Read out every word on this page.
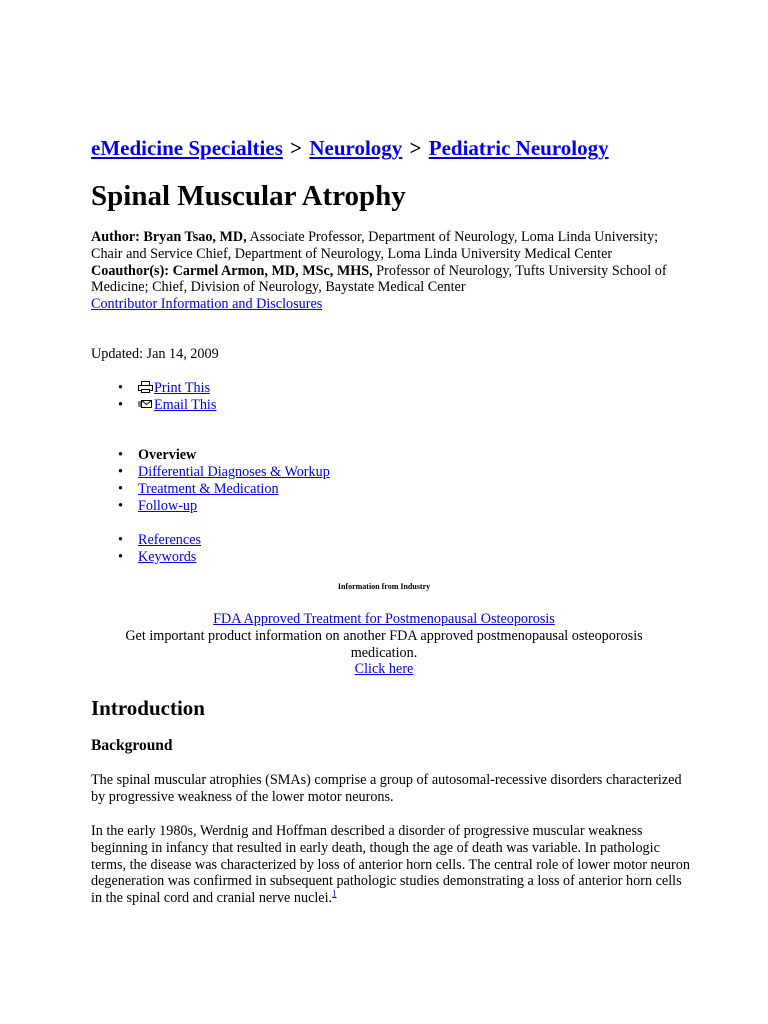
eMedicine Specialties > Neurology > Pediatric Neurology
Spinal Muscular Atrophy
Author: Bryan Tsao, MD, Associate Professor, Department of Neurology, Loma Linda University; Chair and Service Chief, Department of Neurology, Loma Linda University Medical Center
Coauthor(s): Carmel Armon, MD, MSc, MHS, Professor of Neurology, Tufts University School of Medicine; Chief, Division of Neurology, Baystate Medical Center
Contributor Information and Disclosures
Updated: Jan 14, 2009
• Print This
• Email This
• Overview
• Differential Diagnoses & Workup
• Treatment & Medication
• Follow-up
• References
• Keywords
Information from Industry
FDA Approved Treatment for Postmenopausal Osteoporosis
Get important product information on another FDA approved postmenopausal osteoporosis medication.
Click here
Introduction
Background

The spinal muscular atrophies (SMAs) comprise a group of autosomal-recessive disorders characterized by progressive weakness of the lower motor neurons.

In the early 1980s, Werdnig and Hoffman described a disorder of progressive muscular weakness beginning in infancy that resulted in early death, though the age of death was variable. In pathologic terms, the disease was characterized by loss of anterior horn cells. The central role of lower motor neuron degeneration was confirmed in subsequent pathologic studies demonstrating a loss of anterior horn cells in the spinal cord and cranial nerve nuclei.$^1$
